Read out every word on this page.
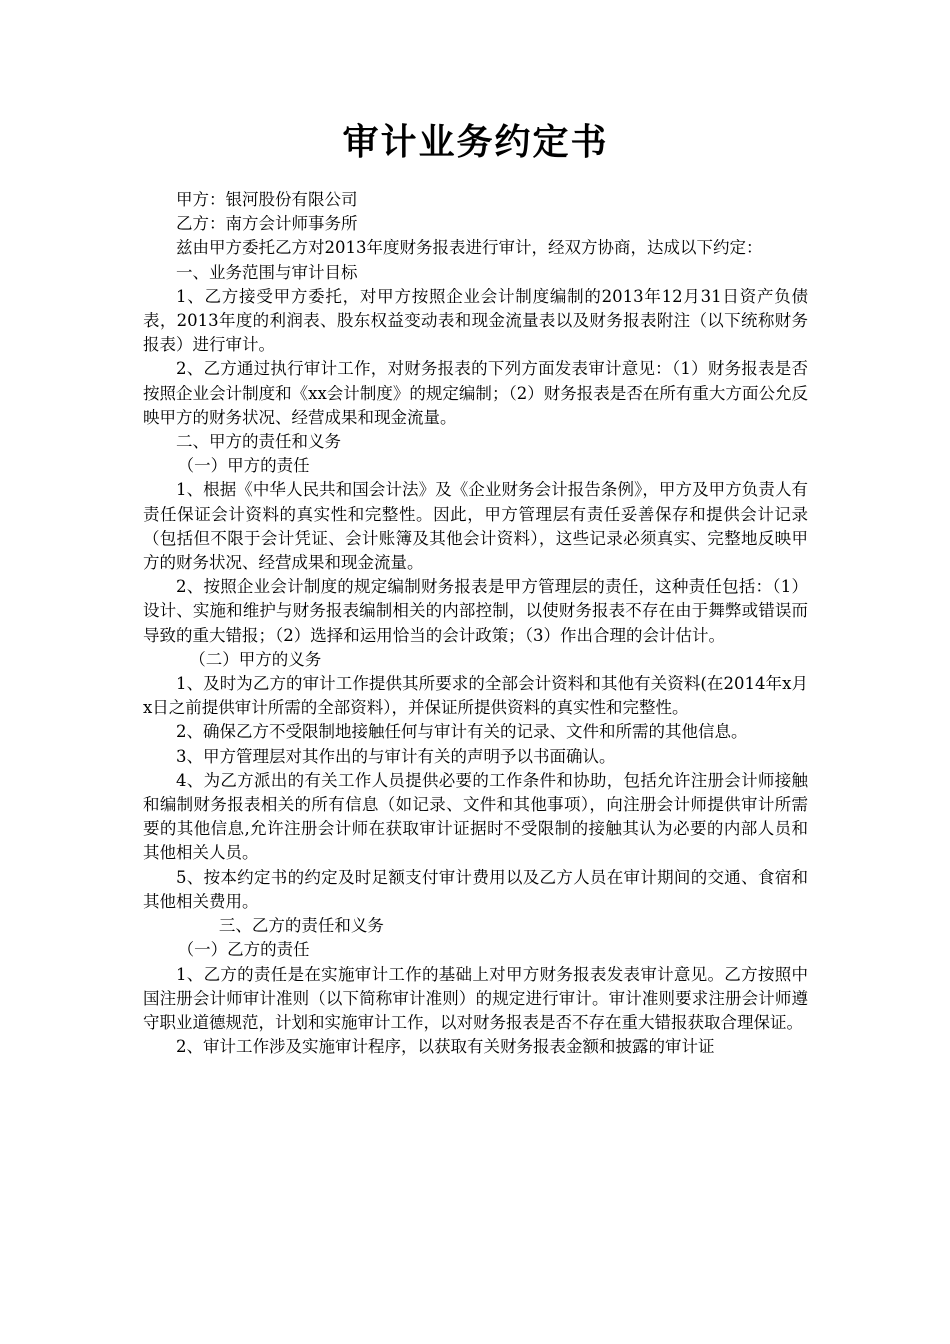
审计业务约定书

甲方：银河股份有限公司

乙方：南方会计师事务所

兹由甲方委托乙方对2013年度财务报表进行审计，经双方协商，达成以下约定：

一、业务范围与审计目标

1、乙方接受甲方委托，对甲方按照企业会计制度编制的2013年12月31日资产负债表，2013年度的利润表、股东权益变动表和现金流量表以及财务报表附注（以下统称财务报表）进行审计。

2、乙方通过执行审计工作，对财务报表的下列方面发表审计意见：（1）财务报表是否按照企业会计制度和《xx会计制度》的规定编制；（2）财务报表是否在所有重大方面公允反映甲方的财务状况、经营成果和现金流量。

二、甲方的责任和义务

（一）甲方的责任

1、根据《中华人民共和国会计法》及《企业财务会计报告条例》，甲方及甲方负责人有责任保证会计资料的真实性和完整性。因此，甲方管理层有责任妥善保存和提供会计记录（包括但不限于会计凭证、会计账簿及其他会计资料），这些记录必须真实、完整地反映甲方的财务状况、经营成果和现金流量。

2、按照企业会计制度的规定编制财务报表是甲方管理层的责任，这种责任包括：（1）设计、实施和维护与财务报表编制相关的内部控制，以使财务报表不存在由于舞弊或错误而导致的重大错报；（2）选择和运用恰当的会计政策；（3）作出合理的会计估计。

（二）甲方的义务

1、及时为乙方的审计工作提供其所要求的全部会计资料和其他有关资料(在2014年x月x日之前提供审计所需的全部资料），并保证所提供资料的真实性和完整性。

2、确保乙方不受限制地接触任何与审计有关的记录、文件和所需的其他信息。

3、甲方管理层对其作出的与审计有关的声明予以书面确认。

4、为乙方派出的有关工作人员提供必要的工作条件和协助，包括允许注册会计师接触和编制财务报表相关的所有信息（如记录、文件和其他事项），向注册会计师提供审计所需要的其他信息,允许注册会计师在获取审计证据时不受限制的接触其认为必要的内部人员和其他相关人员。

5、按本约定书的约定及时足额支付审计费用以及乙方人员在审计期间的交通、食宿和其他相关费用。

三、乙方的责任和义务

（一）乙方的责任

1、乙方的责任是在实施审计工作的基础上对甲方财务报表发表审计意见。乙方按照中国注册会计师审计准则（以下简称审计准则）的规定进行审计。审计准则要求注册会计师遵守职业道德规范，计划和实施审计工作，以对财务报表是否不存在重大错报获取合理保证。

2、审计工作涉及实施审计程序，以获取有关财务报表金额和披露的审计证
